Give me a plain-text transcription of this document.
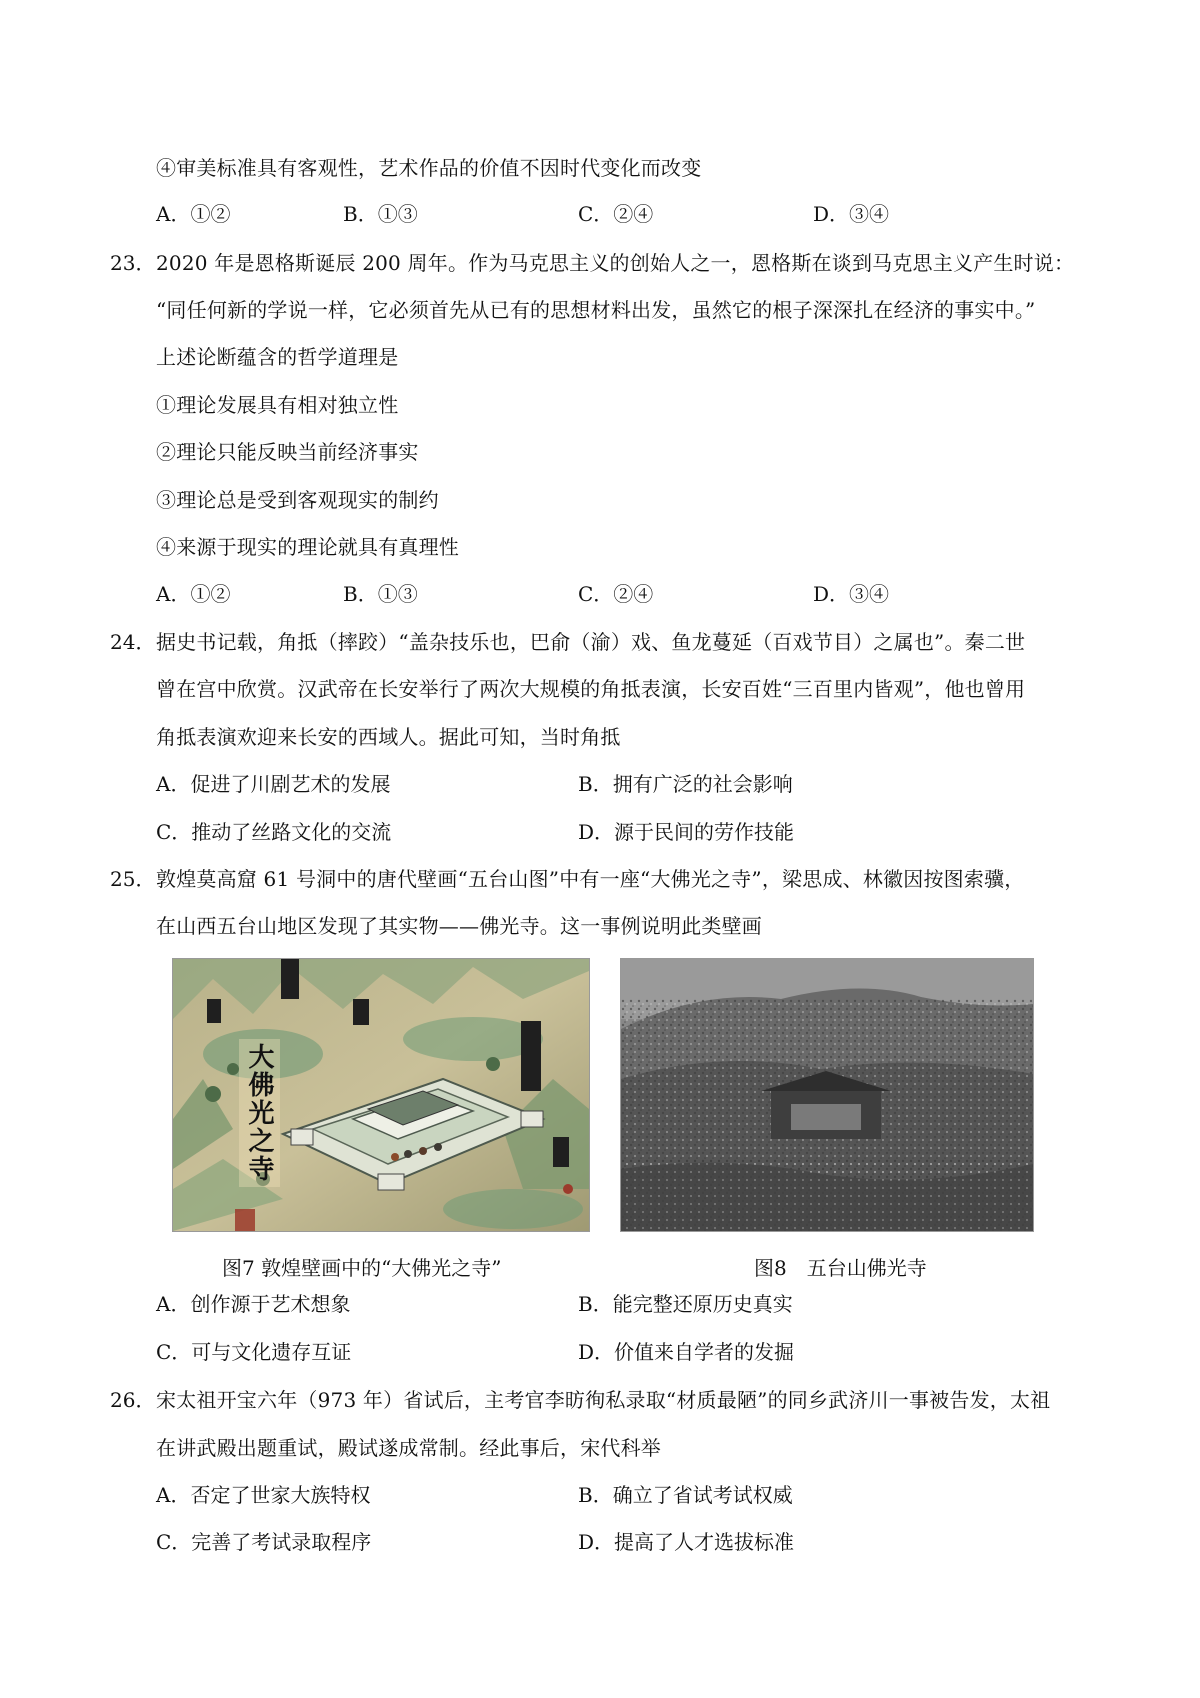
④审美标准具有客观性，艺术作品的价值不因时代变化而改变
A．①②	B．①③	C．②④	D．③④
23． 2020 年是恩格斯诞辰 200 周年。作为马克思主义的创始人之一，恩格斯在谈到马克思主义产生时说：
“同任何新的学说一样，它必须首先从已有的思想材料出发，虽然它的根子深深扎在经济的事实中。”
上述论断蕴含的哲学道理是
①理论发展具有相对独立性
②理论只能反映当前经济事实
③理论总是受到客观现实的制约
④来源于现实的理论就具有真理性
A．①②	B．①③	C．②④	D．③④
24． 据史书记载，角抵（摔跤）“盖杂技乐也，巴俞（渝）戏、鱼龙蔓延（百戏节目）之属也”。秦二世
曾在宫中欣赏。汉武帝在长安举行了两次大规模的角抵表演，长安百姓“三百里内皆观”，他也曾用
角抵表演欢迎来长安的西域人。据此可知，当时角抵
A．促进了川剧艺术的发展	B．拥有广泛的社会影响
C．推动了丝路文化的交流	D．源于民间的劳作技能
25． 敦煌莫高窟 61 号洞中的唐代壁画“五台山图”中有一座“大佛光之寺”，梁思成、林徽因按图索骥，
在山西五台山地区发现了其实物——佛光寺。这一事例说明此类壁画
大佛光之寺
图7 敦煌壁画中的“大佛光之寺”	图8　五台山佛光寺
A．创作源于艺术想象	B．能完整还原历史真实
C．可与文化遗存互证	D．价值来自学者的发掘
26． 宋太祖开宝六年（973 年）省试后，主考官李昉徇私录取“材质最陋”的同乡武济川一事被告发，太祖
在讲武殿出题重试，殿试遂成常制。经此事后，宋代科举
A．否定了世家大族特权	B．确立了省试考试权威
C．完善了考试录取程序	D．提高了人才选拔标准
